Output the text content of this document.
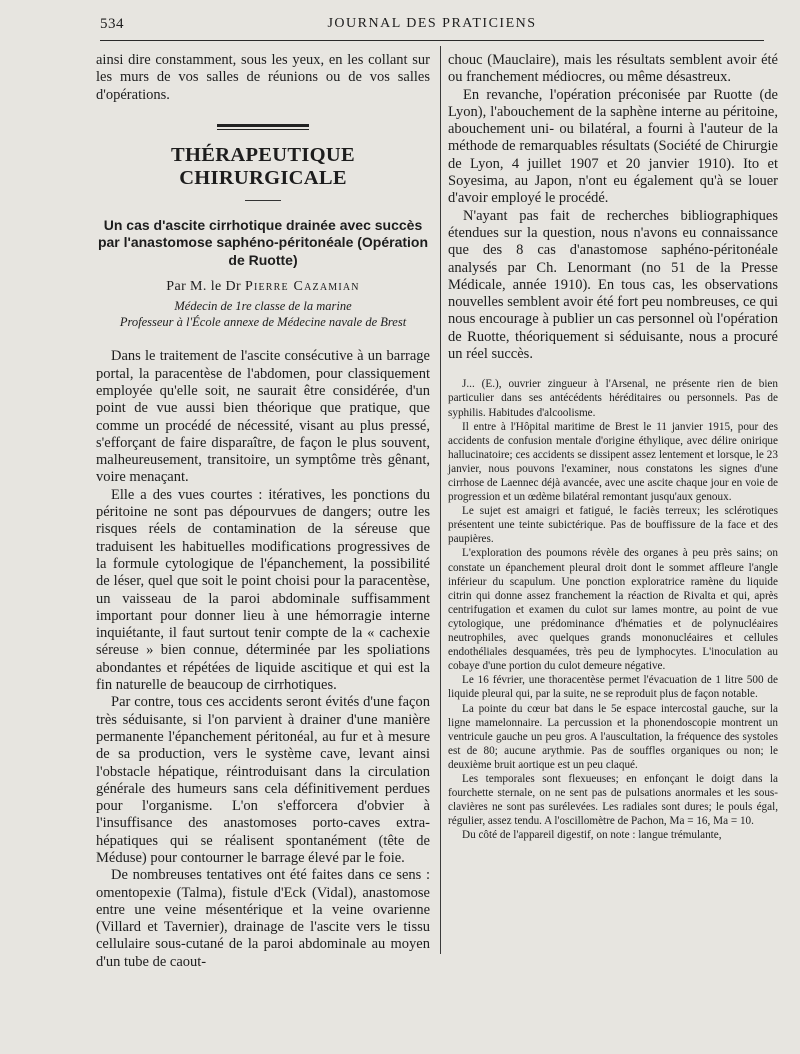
534	JOURNAL DES PRATICIENS

ainsi dire constamment, sous les yeux, en les collant sur les murs de vos salles de réunions ou de vos salles d'opérations.

THÉRAPEUTIQUE CHIRURGICALE
Un cas d'ascite cirrhotique drainée avec succès par l'anastomose saphéno-péritonéale (Opération de Ruotte)
Par M. le Dr Pierre Cazamian
Médecin de 1re classe de la marine
Professeur à l'École annexe de Médecine navale de Brest

Dans le traitement de l'ascite consécutive à un barrage portal, la paracentèse de l'abdomen, pour classiquement employée qu'elle soit, ne saurait être considérée, d'un point de vue aussi bien théorique que pratique, que comme un procédé de nécessité, visant au plus pressé, s'efforçant de faire disparaître, de façon le plus souvent, malheureusement, transitoire, un symptôme très gênant, voire menaçant.

Elle a des vues courtes : itératives, les ponctions du péritoine ne sont pas dépourvues de dangers; outre les risques réels de contamination de la séreuse que traduisent les habituelles modifications progressives de la formule cytologique de l'épanchement, la possibilité de léser, quel que soit le point choisi pour la paracentèse, un vaisseau de la paroi abdominale suffisamment important pour donner lieu à une hémorragie interne inquiétante, il faut surtout tenir compte de la « cachexie séreuse » bien connue, déterminée par les spoliations abondantes et répétées de liquide ascitique et qui est la fin naturelle de beaucoup de cirrhotiques.

Par contre, tous ces accidents seront évités d'une façon très séduisante, si l'on parvient à drainer d'une manière permanente l'épanchement péritonéal, au fur et à mesure de sa production, vers le système cave, levant ainsi l'obstacle hépatique, réintroduisant dans la circulation générale des humeurs sans cela définitivement perdues pour l'organisme. L'on s'efforcera d'obvier à l'insuffisance des anastomoses porto-caves extra-hépatiques qui se réalisent spontanément (tête de Méduse) pour contourner le barrage élevé par le foie.

De nombreuses tentatives ont été faites dans ce sens : omentopexie (Talma), fistule d'Eck (Vidal), anastomose entre une veine mésentérique et la veine ovarienne (Villard et Tavernier), drainage de l'ascite vers le tissu cellulaire sous-cutané de la paroi abdominale au moyen d'un tube de caout-

chouc (Mauclaire), mais les résultats semblent avoir été ou franchement médiocres, ou même désastreux.

En revanche, l'opération préconisée par Ruotte (de Lyon), l'abouchement de la saphène interne au péritoine, abouchement uni- ou bilatéral, a fourni à l'auteur de la méthode de remarquables résultats (Société de Chirurgie de Lyon, 4 juillet 1907 et 20 janvier 1910). Ito et Soyesima, au Japon, n'ont eu également qu'à se louer d'avoir employé le procédé.

N'ayant pas fait de recherches bibliographiques étendues sur la question, nous n'avons eu connaissance que des 8 cas d'anastomose saphéno-péritonéale analysés par Ch. Lenormant (no 51 de la Presse Médicale, année 1910). En tous cas, les observations nouvelles semblent avoir été fort peu nombreuses, ce qui nous encourage à publier un cas personnel où l'opération de Ruotte, théoriquement si séduisante, nous a procuré un réel succès.

J... (E.), ouvrier zingueur à l'Arsenal, ne présente rien de bien particulier dans ses antécédents héréditaires ou personnels. Pas de syphilis. Habitudes d'alcoolisme.

Il entre à l'Hôpital maritime de Brest le 11 janvier 1915, pour des accidents de confusion mentale d'origine éthylique, avec délire onirique hallucinatoire; ces accidents se dissipent assez lentement et lorsque, le 23 janvier, nous pouvons l'examiner, nous constatons les signes d'une cirrhose de Laennec déjà avancée, avec une ascite chaque jour en voie de progression et un œdème bilatéral remontant jusqu'aux genoux.

Le sujet est amaigri et fatigué, le faciès terreux; les sclérotiques présentent une teinte subictérique. Pas de bouffissure de la face et des paupières.

L'exploration des poumons révèle des organes à peu près sains; on constate un épanchement pleural droit dont le sommet affleure l'angle inférieur du scapulum. Une ponction exploratrice ramène du liquide citrin qui donne assez franchement la réaction de Rivalta et qui, après centrifugation et examen du culot sur lames montre, au point de vue cytologique, une prédominance d'hématies et de polynucléaires neutrophiles, avec quelques grands mononucléaires et cellules endothéliales desquamées, très peu de lymphocytes. L'inoculation au cobaye d'une portion du culot demeure négative.

Le 16 février, une thoracentèse permet l'évacuation de 1 litre 500 de liquide pleural qui, par la suite, ne se reproduit plus de façon notable.

La pointe du cœur bat dans le 5e espace intercostal gauche, sur la ligne mamelonnaire. La percussion et la phonendoscopie montrent un ventricule gauche un peu gros. A l'auscultation, la fréquence des systoles est de 80; aucune arythmie. Pas de souffles organiques ou non; le deuxième bruit aortique est un peu claqué.

Les temporales sont flexueuses; en enfonçant le doigt dans la fourchette sternale, on ne sent pas de pulsations anormales et les sous-clavières ne sont pas surélevées. Les radiales sont dures; le pouls égal, régulier, assez tendu. A l'oscillomètre de Pachon, Ma = 16, Ma = 10.

Du côté de l'appareil digestif, on note : langue trémulante,
